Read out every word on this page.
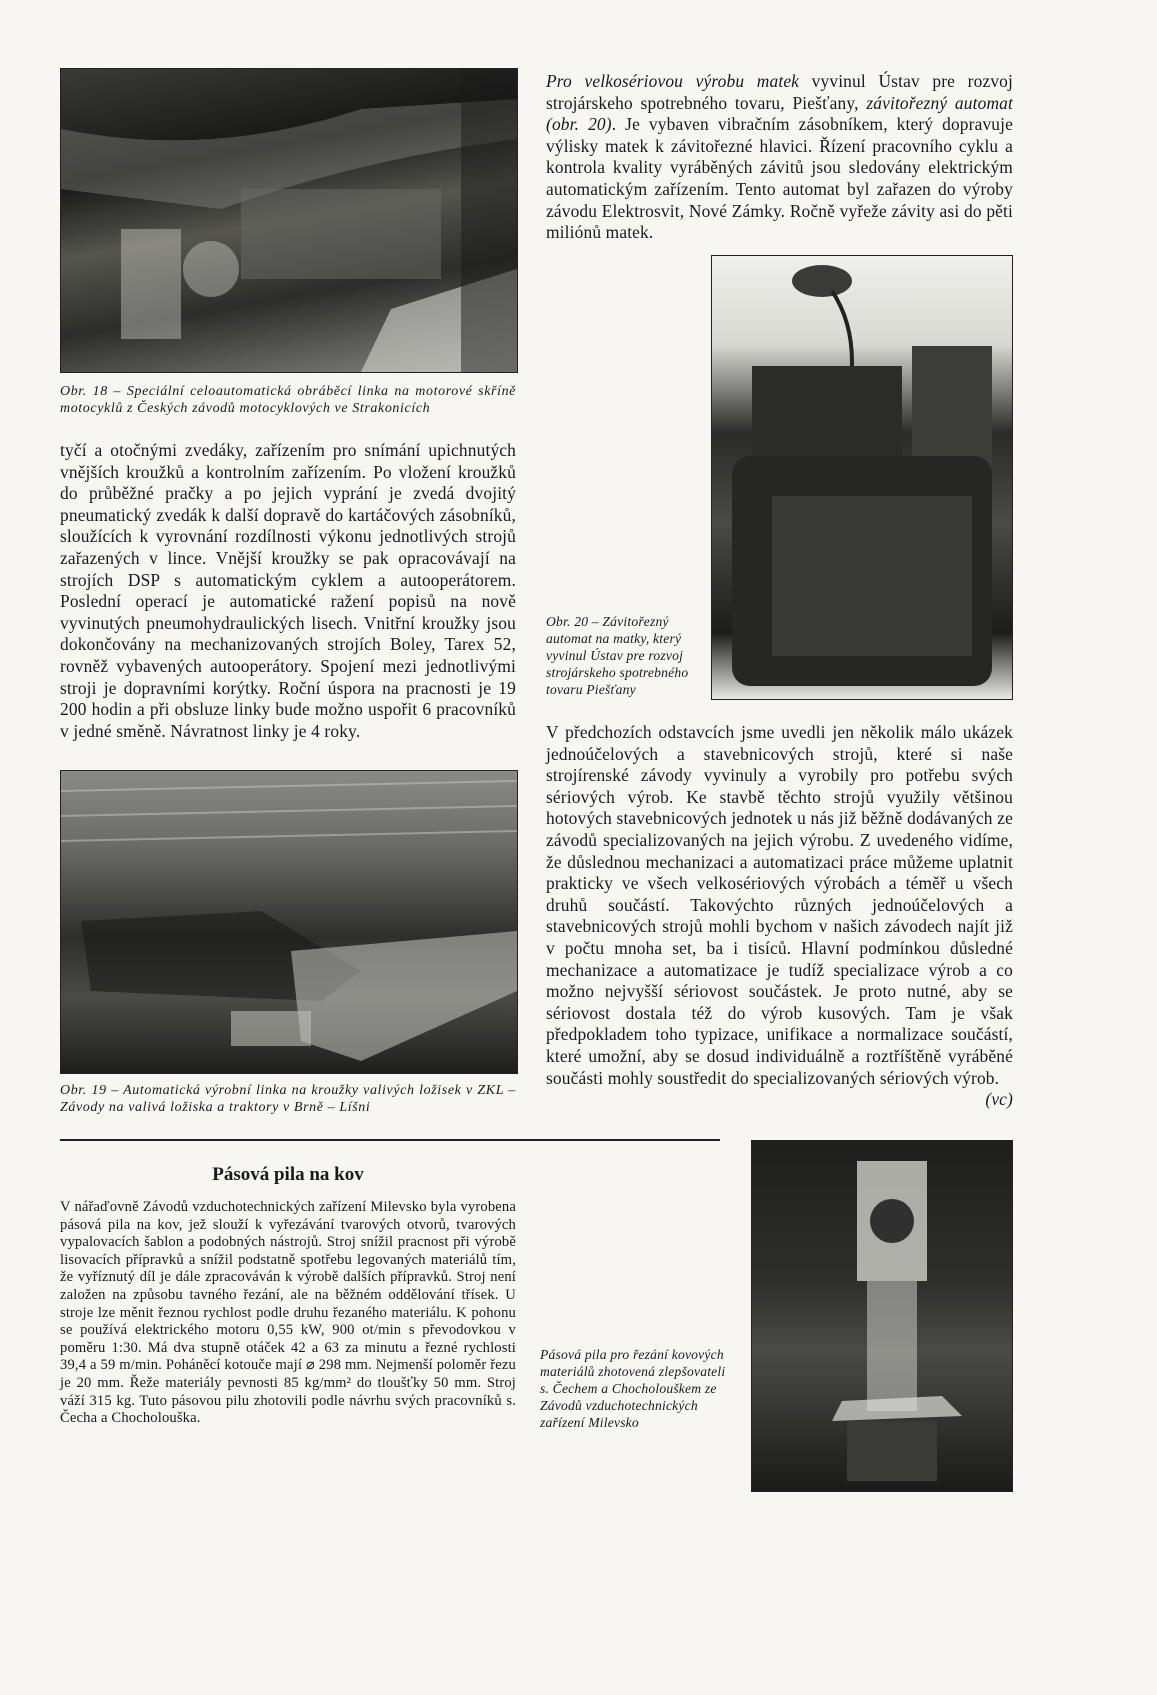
Obr. 18 – Speciální celoautomatická obráběcí linka na motorové skříně motocyklů z Českých závodů motocyklových ve Strakonicích

Pro velkosériovou výrobu matek vyvinul Ústav pre rozvoj strojárskeho spotrebného tovaru, Piešťany, závitořezný automat (obr. 20). Je vybaven vibračním zásobníkem, který dopravuje výlisky matek k závitořezné hlavici. Řízení pracovního cyklu a kontrola kvality vyráběných závitů jsou sledovány elektrickým automatickým zařízením. Tento automat byl zařazen do výroby závodu Elektrosvit, Nové Zámky. Ročně vyřeže závity asi do pěti miliónů matek.

Obr. 20 – Závitořezný automat na matky, který vyvinul Ústav pre rozvoj strojárskeho spotrebného tovaru Piešťany

tyčí a otočnými zvedáky, zařízením pro snímání upichnutých vnějších kroužků a kontrolním zařízením. Po vložení kroužků do průběžné pračky a po jejich vyprání je zvedá dvojitý pneumatický zvedák k další dopravě do kartáčových zásobníků, sloužících k vyrovnání rozdílnosti výkonu jednotlivých strojů zařazených v lince. Vnější kroužky se pak opracovávají na strojích DSP s automatickým cyklem a autooperátorem. Poslední operací je automatické ražení popisů na nově vyvinutých pneumohydraulických lisech. Vnitřní kroužky jsou dokončovány na mechanizovaných strojích Boley, Tarex 52, rovněž vybavených autooperátory. Spojení mezi jednotlivými stroji je dopravními korýtky. Roční úspora na pracnosti je 19 200 hodin a při obsluze linky bude možno uspořit 6 pracovníků v jedné směně. Návratnost linky je 4 roky.

Obr. 19 – Automatická výrobní linka na kroužky valivých ložisek v ZKL – Závody na valivá ložiska a traktory v Brně – Líšni

V předchozích odstavcích jsme uvedli jen několik málo ukázek jednoúčelových a stavebnicových strojů, které si naše strojírenské závody vyvinuly a vyrobily pro potřebu svých sériových výrob. Ke stavbě těchto strojů využily většinou hotových stavebnicových jednotek u nás již běžně dodávaných ze závodů specializovaných na jejich výrobu. Z uvedeného vidíme, že důslednou mechanizaci a automatizaci práce můžeme uplatnit prakticky ve všech velkosériových výrobách a téměř u všech druhů součástí. Takovýchto různých jednoúčelových a stavebnicových strojů mohli bychom v našich závodech najít již v počtu mnoha set, ba i tisíců. Hlavní podmínkou důsledné mechanizace a automatizace je tudíž specializace výrob a co možno nejvyšší sériovost součástek. Je proto nutné, aby se sériovost dostala též do výrob kusových. Tam je však předpokladem toho typizace, unifikace a normalizace součástí, které umožní, aby se dosud individuálně a roztříštěně vyráběné součásti mohly soustředit do specializovaných sériových výrob.
(vc)

Pásová pila na kov

V nářaďovně Závodů vzduchotechnických zařízení Milevsko byla vyrobena pásová pila na kov, jež slouží k vyřezávání tvarových otvorů, tvarových vypalovacích šablon a podobných nástrojů. Stroj snížil pracnost při výrobě lisovacích přípravků a snížil podstatně spotřebu legovaných materiálů tím, že vyříznutý díl je dále zpracováván k výrobě dalších přípravků. Stroj není založen na způsobu tavného řezání, ale na běžném oddělování třísek. U stroje lze měnit řeznou rychlost podle druhu řezaného materiálu. K pohonu se používá elektrického motoru 0,55 kW, 900 ot/min s převodovkou v poměru 1:30. Má dva stupně otáček 42 a 63 za minutu a řezné rychlosti 39,4 a 59 m/min. Poháněcí kotouče mají ⌀ 298 mm. Nejmenší poloměr řezu je 20 mm. Řeže materiály pevnosti 85 kg/mm² do tloušťky 50 mm. Stroj váží 315 kg. Tuto pásovou pilu zhotovili podle návrhu svých pracovníků s. Čecha a Chocholouška.

Pásová pila pro řezání kovových materiálů zhotovená zlepšovateli s. Čechem a Chocholouškem ze Závodů vzduchotechnických zařízení Milevsko
